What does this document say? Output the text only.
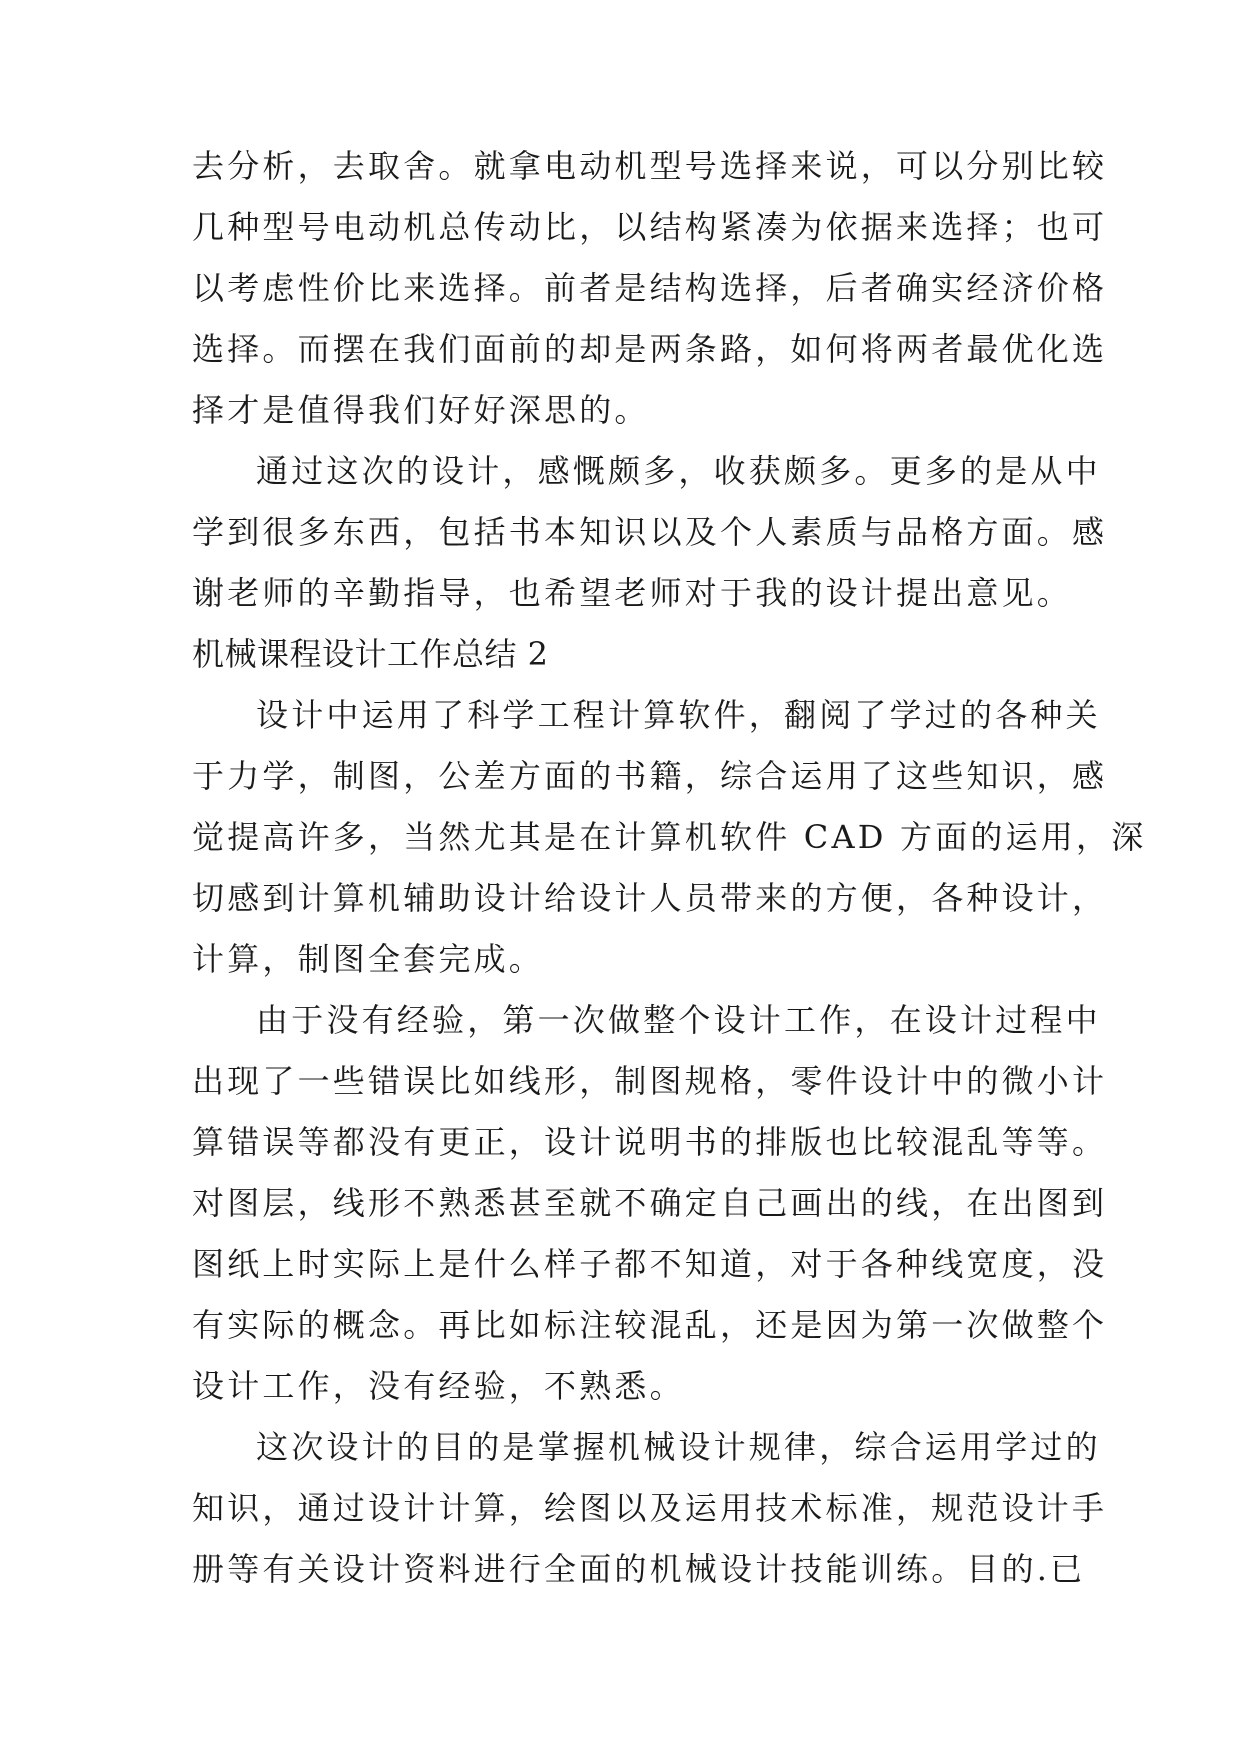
去分析，去取舍。就拿电动机型号选择来说，可以分别比较
几种型号电动机总传动比，以结构紧凑为依据来选择；也可
以考虑性价比来选择。前者是结构选择，后者确实经济价格
选择。而摆在我们面前的却是两条路，如何将两者最优化选
择才是值得我们好好深思的。
通过这次的设计，感慨颇多，收获颇多。更多的是从中
学到很多东西，包括书本知识以及个人素质与品格方面。感
谢老师的辛勤指导，也希望老师对于我的设计提出意见。
机械课程设计工作总结 2
设计中运用了科学工程计算软件，翻阅了学过的各种关
于力学，制图，公差方面的书籍，综合运用了这些知识，感
觉提高许多，当然尤其是在计算机软件 CAD 方面的运用，深
切感到计算机辅助设计给设计人员带来的方便，各种设计，
计算，制图全套完成。
由于没有经验，第一次做整个设计工作，在设计过程中
出现了一些错误比如线形，制图规格，零件设计中的微小计
算错误等都没有更正，设计说明书的排版也比较混乱等等。
对图层，线形不熟悉甚至就不确定自己画出的线，在出图到
图纸上时实际上是什么样子都不知道，对于各种线宽度，没
有实际的概念。再比如标注较混乱，还是因为第一次做整个
设计工作，没有经验，不熟悉。
这次设计的目的是掌握机械设计规律，综合运用学过的
知识，通过设计计算，绘图以及运用技术标准，规范设计手
册等有关设计资料进行全面的机械设计技能训练。目的.已
